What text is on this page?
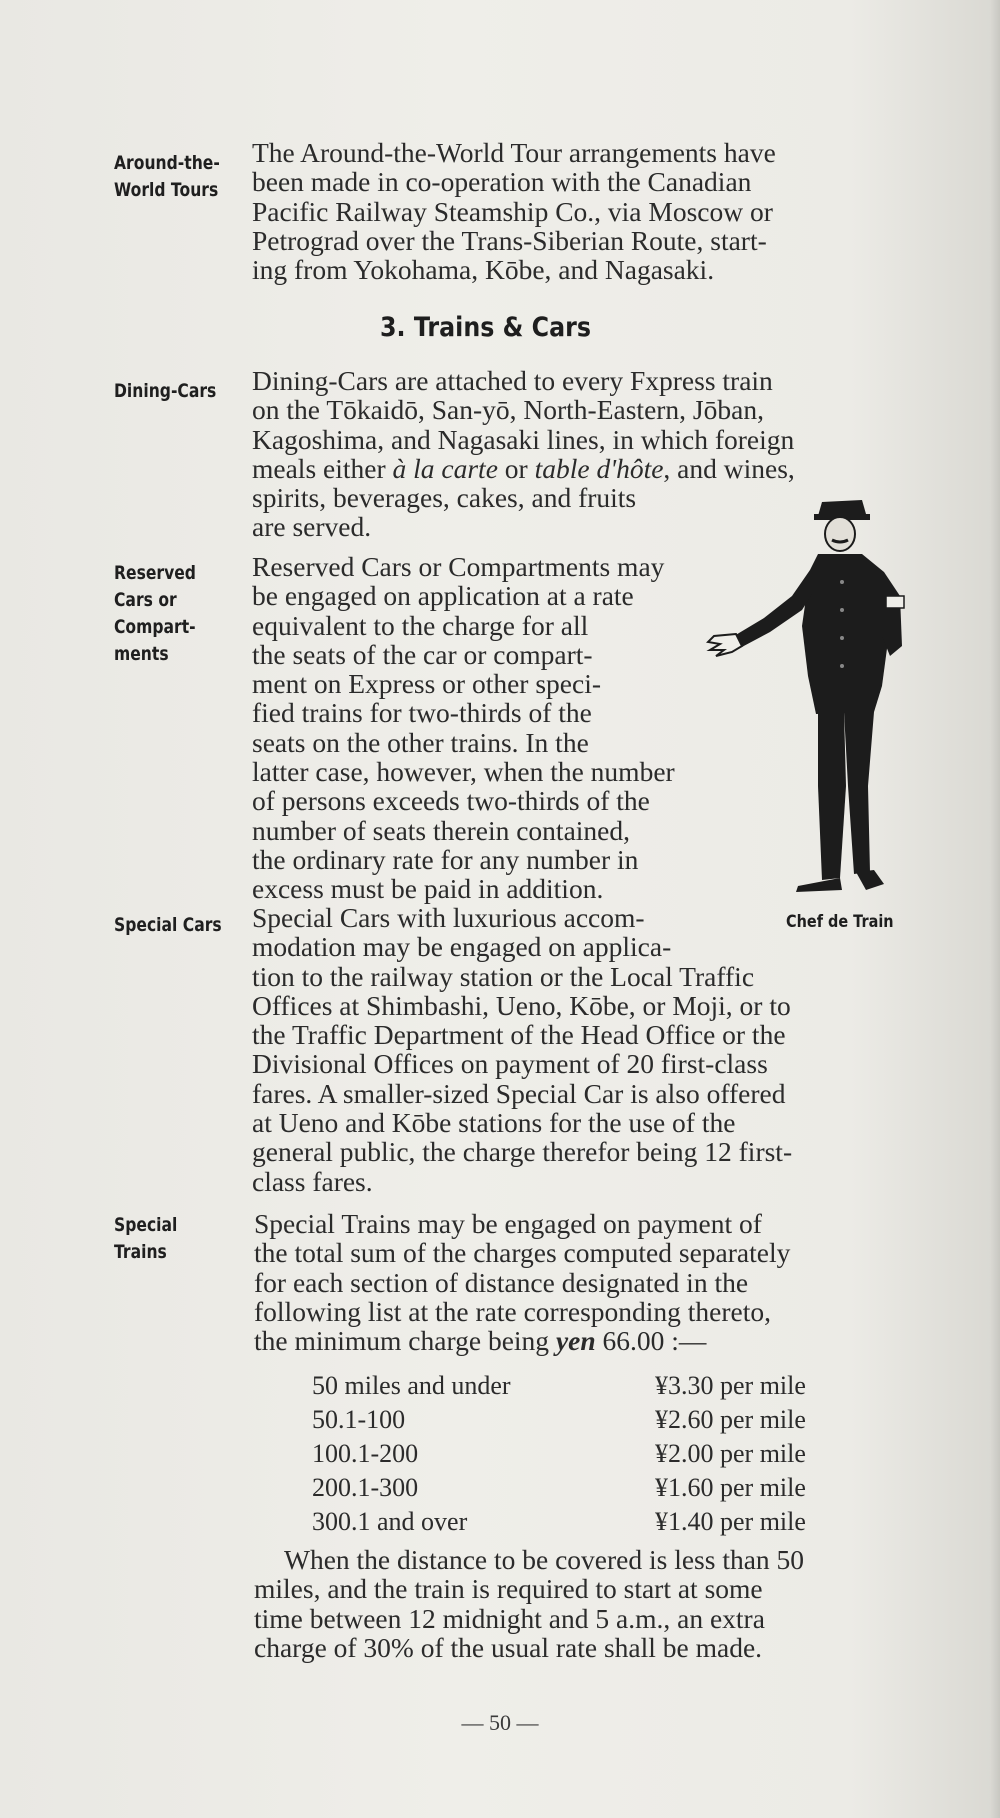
Around-the-
World Tours
The Around-the-World Tour arrangements have
been made in co-operation with the Canadian
Pacific Railway Steamship Co., via Moscow or
Petrograd over the Trans-Siberian Route, start-
ing from Yokohama, Kōbe, and Nagasaki.
3. Trains & Cars
Dining-Cars Dining-Cars are attached to every Fxpress train
on the Tōkaidō, San-yō, North-Eastern, Jōban,
Kagoshima, and Nagasaki lines, in which foreign
meals either à la carte or table d'hôte, and wines,
spirits, beverages, cakes, and fruits
are served.
Reserved
Cars or
Compart-
ments
Reserved Cars or Compartments may
be engaged on application at a rate
equivalent to the charge for all
the seats of the car or compart-
ment on Express or other speci-
fied trains for two-thirds of the
seats on the other trains. In the
latter case, however, when the number
of persons exceeds two-thirds of the
number of seats therein contained,
the ordinary rate for any number in
excess must be paid in addition.
Chef de Train
Special Cars Special Cars with luxurious accom-
modation may be engaged on applica-
tion to the railway station or the Local Traffic
Offices at Shimbashi, Ueno, Kōbe, or Moji, or to
the Traffic Department of the Head Office or the
Divisional Offices on payment of 20 first-class
fares. A smaller-sized Special Car is also offered
at Ueno and Kōbe stations for the use of the
general public, the charge therefor being 12 first-
class fares.
Special
Trains
Special Trains may be engaged on payment of
the total sum of the charges computed separately
for each section of distance designated in the
following list at the rate corresponding thereto,
the minimum charge being yen 66.00 :—
50 miles and under	¥3.30 per mile
50.1-100	¥2.60 per mile
100.1-200	¥2.00 per mile
200.1-300	¥1.60 per mile
300.1 and over	¥1.40 per mile
When the distance to be covered is less than 50
miles, and the train is required to start at some
time between 12 midnight and 5 a.m., an extra
charge of 30% of the usual rate shall be made.
— 50 —
